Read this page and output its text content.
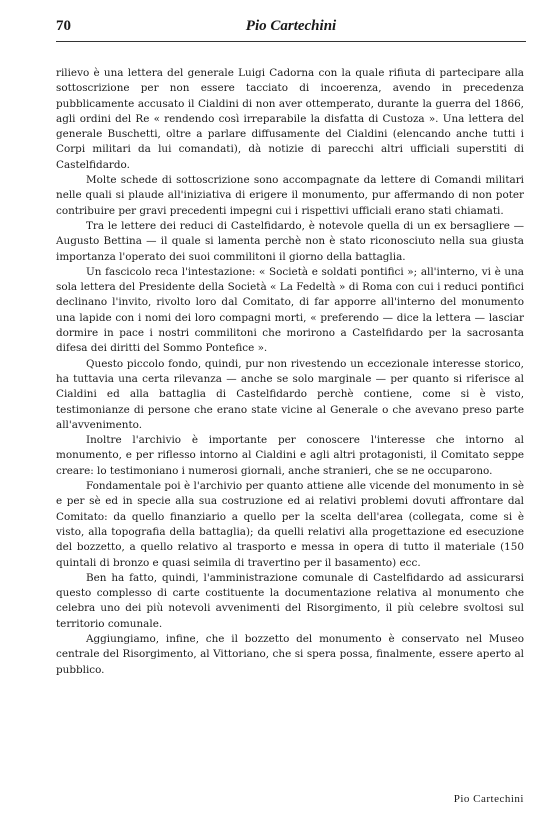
70	Pio Cartechini

rilievo è una lettera del generale Luigi Cadorna con la quale rifiuta di partecipare alla sottoscrizione per non essere tacciato di incoerenza, avendo in precedenza pubblicamente accusato il Cialdini di non aver ottemperato, durante la guerra del 1866, agli ordini del Re « rendendo così irreparabile la disfatta di Custoza ». Una lettera del generale Buschetti, oltre a parlare diffusamente del Cialdini (elencando anche tutti i Corpi militari da lui comandati), dà notizie di parecchi altri ufficiali superstiti di Castelfidardo.

Molte schede di sottoscrizione sono accompagnate da lettere di Comandi militari nelle quali si plaude all'iniziativa di erigere il monumento, pur affermando di non poter contribuire per gravi precedenti impegni cui i rispettivi ufficiali erano stati chiamati.

Tra le lettere dei reduci di Castelfidardo, è notevole quella di un ex bersagliere — Augusto Bettina — il quale si lamenta perchè non è stato riconosciuto nella sua giusta importanza l'operato dei suoi commilitoni il giorno della battaglia.

Un fascicolo reca l'intestazione: « Società e soldati pontifici »; all'interno, vi è una sola lettera del Presidente della Società « La Fedeltà » di Roma con cui i reduci pontifici declinano l'invito, rivolto loro dal Comitato, di far apporre all'interno del monumento una lapide con i nomi dei loro compagni morti, « preferendo — dice la lettera — lasciar dormire in pace i nostri commilitoni che morirono a Castelfidardo per la sacrosanta difesa dei diritti del Sommo Pontefice ».

Questo piccolo fondo, quindi, pur non rivestendo un eccezionale interesse storico, ha tuttavia una certa rilevanza — anche se solo marginale — per quanto si riferisce al Cialdini ed alla battaglia di Castelfidardo perchè contiene, come si è visto, testimonianze di persone che erano state vicine al Generale o che avevano preso parte all'avvenimento.

Inoltre l'archivio è importante per conoscere l'interesse che intorno al monumento, e per riflesso intorno al Cialdini e agli altri protagonisti, il Comitato seppe creare: lo testimoniano i numerosi giornali, anche stranieri, che se ne occuparono.

Fondamentale poi è l'archivio per quanto attiene alle vicende del monumento in sè e per sè ed in specie alla sua costruzione ed ai relativi problemi dovuti affrontare dal Comitato: da quello finanziario a quello per la scelta dell'area (collegata, come si è visto, alla topografia della battaglia); da quelli relativi alla progettazione ed esecuzione del bozzetto, a quello relativo al trasporto e messa in opera di tutto il materiale (150 quintali di bronzo e quasi seimila di travertino per il basamento) ecc.

Ben ha fatto, quindi, l'amministrazione comunale di Castelfidardo ad assicurarsi questo complesso di carte costituente la documentazione relativa al monumento che celebra uno dei più notevoli avvenimenti del Risorgimento, il più celebre svoltosi sul territorio comunale.

Aggiungiamo, infine, che il bozzetto del monumento è conservato nel Museo centrale del Risorgimento, al Vittoriano, che si spera possa, finalmente, essere aperto al pubblico.

Pio Cartechini
